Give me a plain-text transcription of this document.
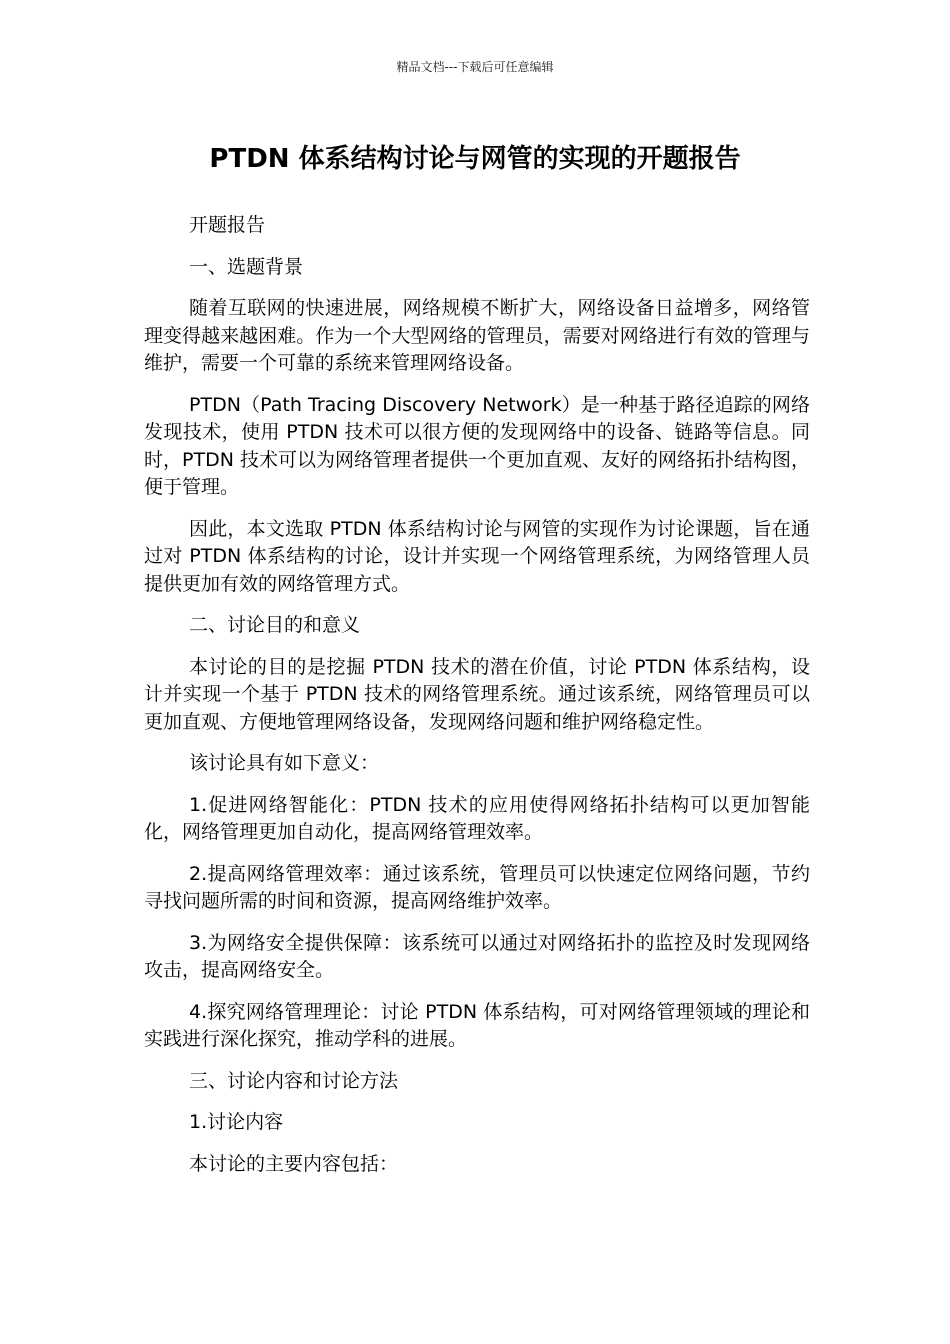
精品文档---下载后可任意编辑
PTDN 体系结构讨论与网管的实现的开题报告

开题报告

一、选题背景

随着互联网的快速进展，网络规模不断扩大，网络设备日益增多，网络管理变得越来越困难。作为一个大型网络的管理员，需要对网络进行有效的管理与维护，需要一个可靠的系统来管理网络设备。

PTDN（Path Tracing Discovery Network）是一种基于路径追踪的网络发现技术，使用 PTDN 技术可以很方便的发现网络中的设备、链路等信息。同时，PTDN 技术可以为网络管理者提供一个更加直观、友好的网络拓扑结构图，便于管理。

因此，本文选取 PTDN 体系结构讨论与网管的实现作为讨论课题，旨在通过对 PTDN 体系结构的讨论，设计并实现一个网络管理系统，为网络管理人员提供更加有效的网络管理方式。

二、讨论目的和意义

本讨论的目的是挖掘 PTDN 技术的潜在价值，讨论 PTDN 体系结构，设计并实现一个基于 PTDN 技术的网络管理系统。通过该系统，网络管理员可以更加直观、方便地管理网络设备，发现网络问题和维护网络稳定性。

该讨论具有如下意义：

1.促进网络智能化：PTDN 技术的应用使得网络拓扑结构可以更加智能化，网络管理更加自动化，提高网络管理效率。

2.提高网络管理效率：通过该系统，管理员可以快速定位网络问题，节约寻找问题所需的时间和资源，提高网络维护效率。

3.为网络安全提供保障：该系统可以通过对网络拓扑的监控及时发现网络攻击，提高网络安全。

4.探究网络管理理论：讨论 PTDN 体系结构，可对网络管理领域的理论和实践进行深化探究，推动学科的进展。

三、讨论内容和讨论方法

1.讨论内容

本讨论的主要内容包括：
